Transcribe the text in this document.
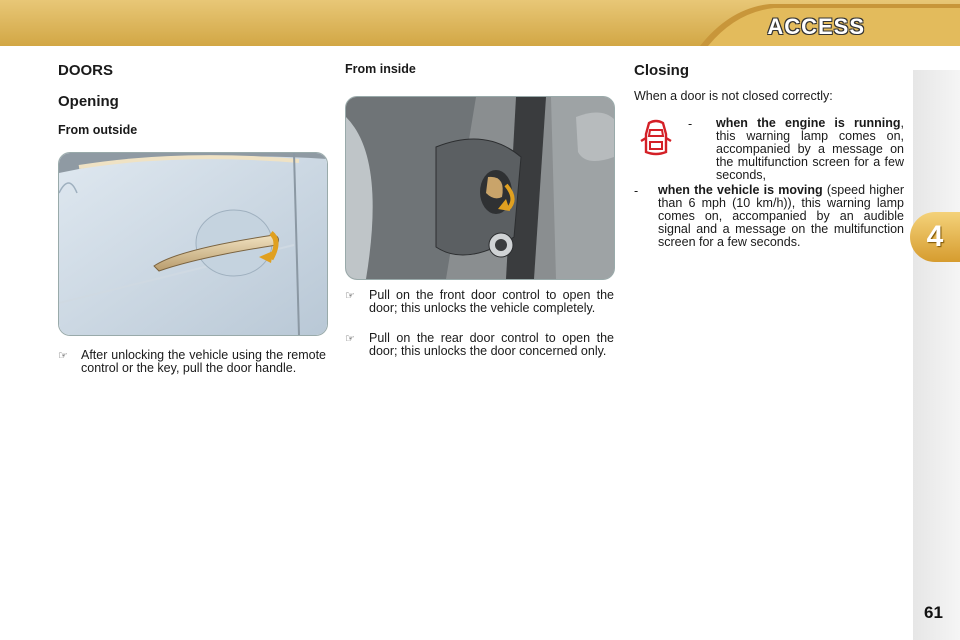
ACCESS
4
61
DOORS
Opening
From outside
☞ After unlocking the vehicle using the remote control or the key, pull the door handle.
From inside
☞ Pull on the front door control to open the door; this unlocks the vehicle completely.
☞ Pull on the rear door control to open the door; this unlocks the door concerned only.
Closing
When a door is not closed correctly:
- when the engine is running, this warning lamp comes on, accompanied by a message on the multifunction screen for a few seconds,
- when the vehicle is moving (speed higher than 6 mph (10 km/h)), this warning lamp comes on, accompanied by an audible signal and a message on the multifunction screen for a few seconds.
